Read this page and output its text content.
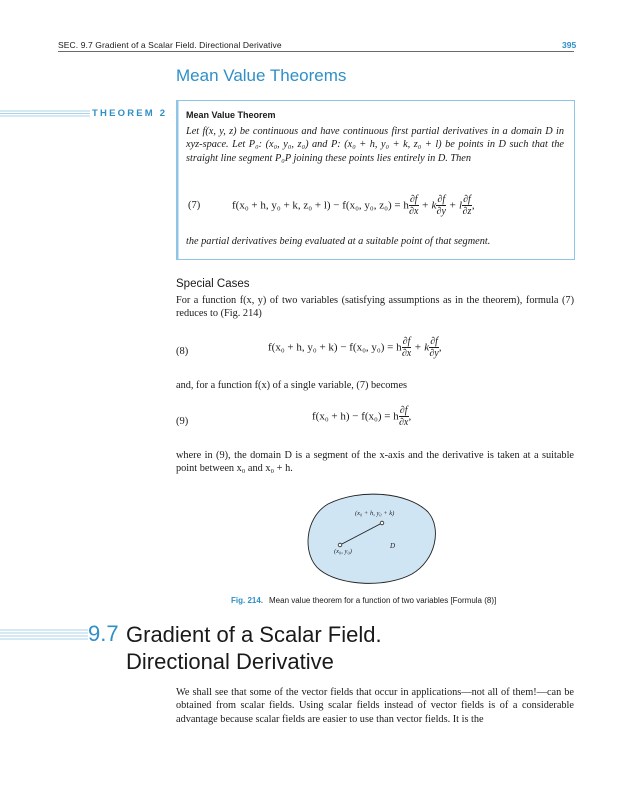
SEC. 9.7 Gradient of a Scalar Field. Directional Derivative	395
Mean Value Theorems
THEOREM 2 Mean Value Theorem
Let f(x, y, z) be continuous and have continuous first partial derivatives in a domain D in xyz-space. Let P₀: (x₀, y₀, z₀) and P: (x₀ + h, y₀ + k, z₀ + l) be points in D such that the straight line segment P₀P joining these points lies entirely in D. Then
(7)	f(x₀ + h, y₀ + k, z₀ + l) − f(x₀, y₀, z₀) = h $\frac{\partial f}{\partial x} + k \frac{\partial f}{\partial y} + l \frac{\partial f}{\partial z}$ ,
the partial derivatives being evaluated at a suitable point of that segment.
Special Cases
For a function f(x, y) of two variables (satisfying assumptions as in the theorem), formula (7) reduces to (Fig. 214)
(8)	f(x₀ + h, y₀ + k) − f(x₀, y₀) = h $\frac{\partial f}{\partial x} + k \frac{\partial f}{\partial y}$ ,
and, for a function f(x) of a single variable, (7) becomes
(9)	f(x₀ + h) − f(x₀) = h $\frac{\partial f}{\partial x}$ ,
where in (9), the domain D is a segment of the x-axis and the derivative is taken at a suitable point between x₀ and x₀ + h.
(x₀ + h, y₀ + k)
(x₀, y₀)
D
Fig. 214. Mean value theorem for a function of two variables [Formula (8)]
9.7 Gradient of a Scalar Field.
Directional Derivative
We shall see that some of the vector fields that occur in applications—not all of them!—can be obtained from scalar fields. Using scalar fields instead of vector fields is of a considerable advantage because scalar fields are easier to use than vector fields. It is the
